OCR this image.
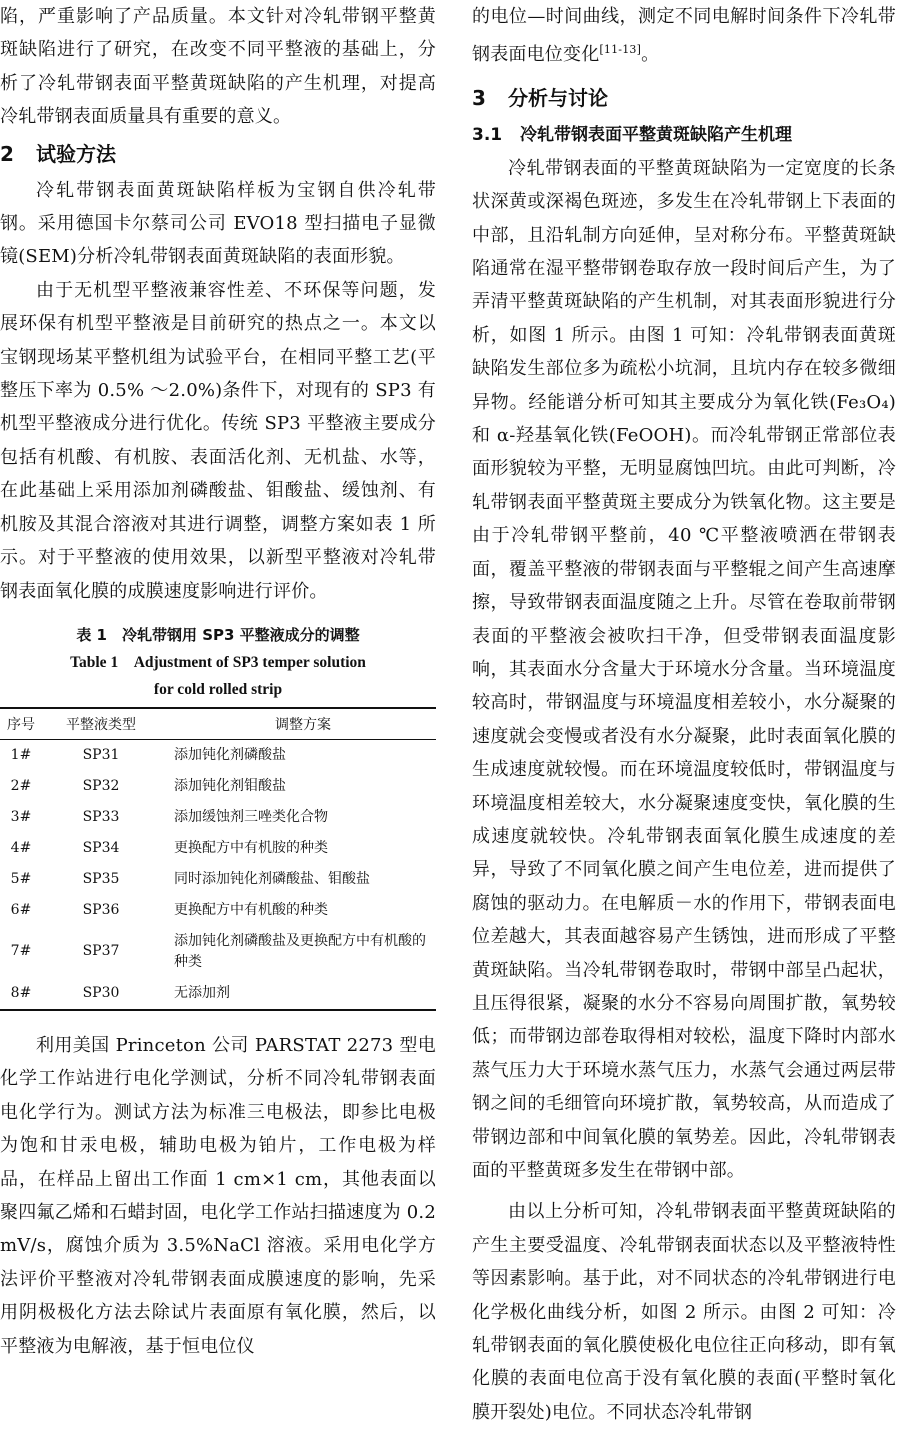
陷，严重影响了产品质量。本文针对冷轧带钢平整黄斑缺陷进行了研究，在改变不同平整液的基础上，分析了冷轧带钢表面平整黄斑缺陷的产生机理，对提高冷轧带钢表面质量具有重要的意义。

2 试验方法

冷轧带钢表面黄斑缺陷样板为宝钢自供冷轧带钢。采用德国卡尔蔡司公司 EVO18 型扫描电子显微镜(SEM)分析冷轧带钢表面黄斑缺陷的表面形貌。

由于无机型平整液兼容性差、不环保等问题，发展环保有机型平整液是目前研究的热点之一。本文以宝钢现场某平整机组为试验平台，在相同平整工艺(平整压下率为 0.5% ～2.0%)条件下，对现有的 SP3 有机型平整液成分进行优化。传统 SP3 平整液主要成分包括有机酸、有机胺、表面活化剂、无机盐、水等，在此基础上采用添加剂磷酸盐、钼酸盐、缓蚀剂、有机胺及其混合溶液对其进行调整，调整方案如表 1 所示。对于平整液的使用效果，以新型平整液对冷轧带钢表面氧化膜的成膜速度影响进行评价。

表 1　冷轧带钢用 SP3 平整液成分的调整
Table 1　Adjustment of SP3 temper solution
for cold rolled strip
序号	平整液类型	调整方案
1#	SP31	添加钝化剂磷酸盐
2#	SP32	添加钝化剂钼酸盐
3#	SP33	添加缓蚀剂三唑类化合物
4#	SP34	更换配方中有机胺的种类
5#	SP35	同时添加钝化剂磷酸盐、钼酸盐
6#	SP36	更换配方中有机酸的种类
7#	SP37	添加钝化剂磷酸盐及更换配方中有机酸的种类
8#	SP30	无添加剂

利用美国 Princeton 公司 PARSTAT 2273 型电化学工作站进行电化学测试，分析不同冷轧带钢表面电化学行为。测试方法为标准三电极法，即参比电极为饱和甘汞电极，辅助电极为铂片，工作电极为样品，在样品上留出工作面 1 cm×1 cm，其他表面以聚四氟乙烯和石蜡封固，电化学工作站扫描速度为 0.2 mV/s，腐蚀介质为 3.5%NaCl 溶液。采用电化学方法评价平整液对冷轧带钢表面成膜速度的影响，先采用阴极极化方法去除试片表面原有氧化膜，然后，以平整液为电解液，基于恒电位仪

的电位—时间曲线，测定不同电解时间条件下冷轧带钢表面电位变化[11-13]。

3 分析与讨论
3.1 冷轧带钢表面平整黄斑缺陷产生机理

冷轧带钢表面的平整黄斑缺陷为一定宽度的长条状深黄或深褐色斑迹，多发生在冷轧带钢上下表面的中部，且沿轧制方向延伸，呈对称分布。平整黄斑缺陷通常在湿平整带钢卷取存放一段时间后产生，为了弄清平整黄斑缺陷的产生机制，对其表面形貌进行分析，如图 1 所示。由图 1 可知：冷轧带钢表面黄斑缺陷发生部位多为疏松小坑洞，且坑内存在较多微细异物。经能谱分析可知其主要成分为氧化铁(Fe₃O₄)和 α-羟基氧化铁(FeOOH)。而冷轧带钢正常部位表面形貌较为平整，无明显腐蚀凹坑。由此可判断，冷轧带钢表面平整黄斑主要成分为铁氧化物。这主要是由于冷轧带钢平整前，40 ℃平整液喷洒在带钢表面，覆盖平整液的带钢表面与平整辊之间产生高速摩擦，导致带钢表面温度随之上升。尽管在卷取前带钢表面的平整液会被吹扫干净，但受带钢表面温度影响，其表面水分含量大于环境水分含量。当环境温度较高时，带钢温度与环境温度相差较小，水分凝聚的速度就会变慢或者没有水分凝聚，此时表面氧化膜的生成速度就较慢。而在环境温度较低时，带钢温度与环境温度相差较大，水分凝聚速度变快，氧化膜的生成速度就较快。冷轧带钢表面氧化膜生成速度的差异，导致了不同氧化膜之间产生电位差，进而提供了腐蚀的驱动力。在电解质－水的作用下，带钢表面电位差越大，其表面越容易产生锈蚀，进而形成了平整黄斑缺陷。当冷轧带钢卷取时，带钢中部呈凸起状，且压得很紧，凝聚的水分不容易向周围扩散，氧势较低；而带钢边部卷取得相对较松，温度下降时内部水蒸气压力大于环境水蒸气压力，水蒸气会通过两层带钢之间的毛细管向环境扩散，氧势较高，从而造成了带钢边部和中间氧化膜的氧势差。因此，冷轧带钢表面的平整黄斑多发生在带钢中部。

由以上分析可知，冷轧带钢表面平整黄斑缺陷的产生主要受温度、冷轧带钢表面状态以及平整液特性等因素影响。基于此，对不同状态的冷轧带钢进行电化学极化曲线分析，如图 2 所示。由图 2 可知：冷轧带钢表面的氧化膜使极化电位往正向移动，即有氧化膜的表面电位高于没有氧化膜的表面(平整时氧化膜开裂处)电位。不同状态冷轧带钢
